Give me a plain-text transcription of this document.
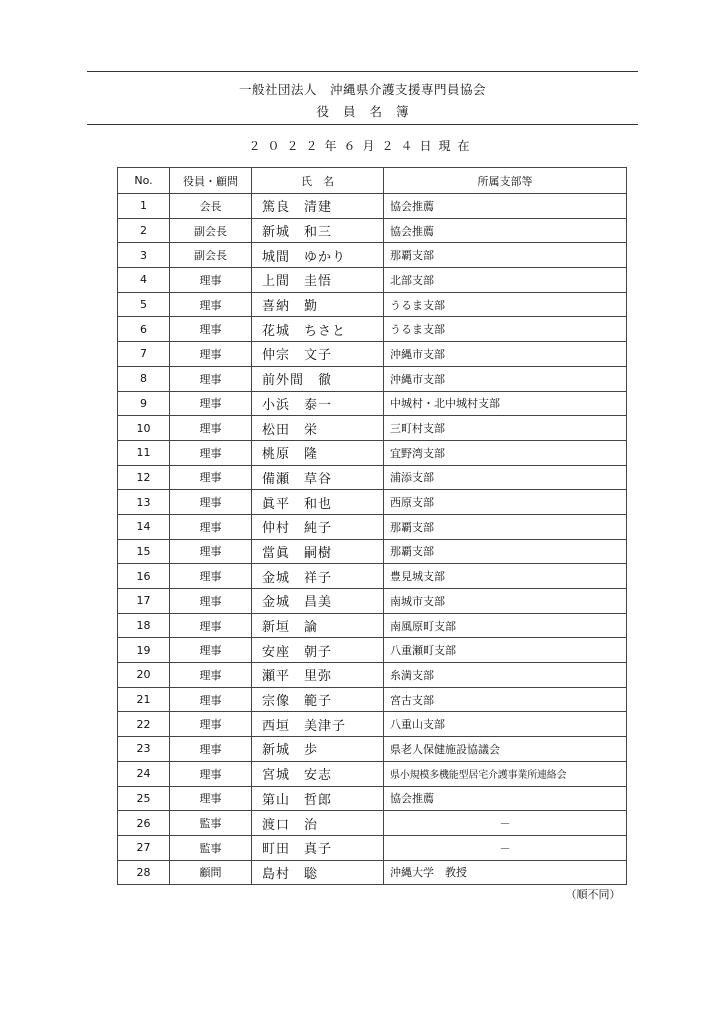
一般社団法人　沖縄県介護支援専門員協会
役員名簿
２０２２年６月２４日現在
No.	役員・顧問	氏　名	所属支部等
1	会長	篤良　清建	協会推薦
2	副会長	新城　和三	協会推薦
3	副会長	城間　ゆかり	那覇支部
4	理事	上間　圭悟	北部支部
5	理事	喜納　勤	うるま支部
6	理事	花城　ちさと	うるま支部
7	理事	仲宗　文子	沖縄市支部
8	理事	前外間　徹	沖縄市支部
9	理事	小浜　泰一	中城村・北中城村支部
10	理事	松田　栄	三町村支部
11	理事	桃原　隆	宜野湾支部
12	理事	備瀬　草谷	浦添支部
13	理事	眞平　和也	西原支部
14	理事	仲村　純子	那覇支部
15	理事	當眞　嗣樹	那覇支部
16	理事	金城　祥子	豊見城支部
17	理事	金城　昌美	南城市支部
18	理事	新垣　論	南風原町支部
19	理事	安座　朝子	八重瀬町支部
20	理事	瀬平　里弥	糸満支部
21	理事	宗像　範子	宮古支部
22	理事	西垣　美津子	八重山支部
23	理事	新城　歩	県老人保健施設協議会
24	理事	宮城　安志	県小規模多機能型居宅介護事業所連絡会
25	理事	第山　哲郎	協会推薦
26	監事	渡口　治	－
27	監事	町田　真子	－
28	顧問	島村　聡	沖縄大学　教授
（順不同）
